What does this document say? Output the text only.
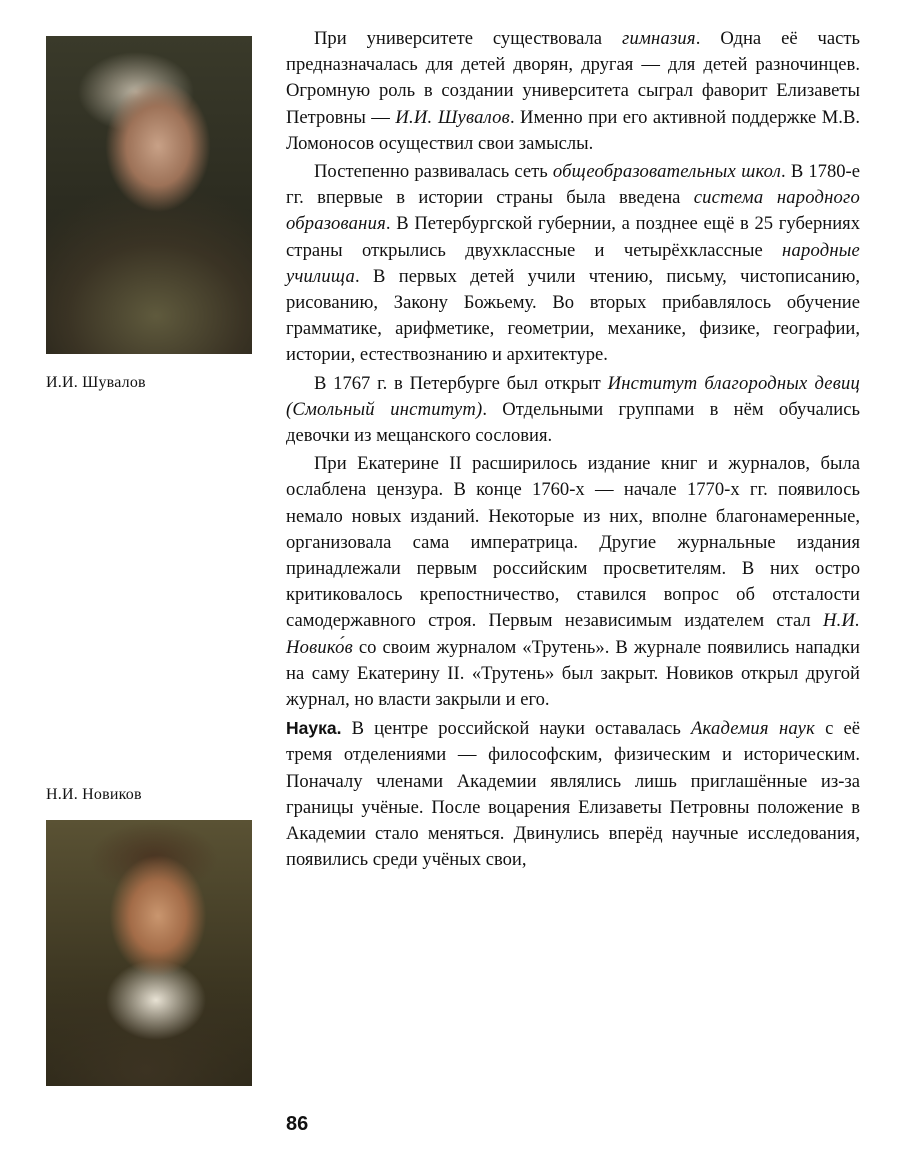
И.И. Шувалов
Н.И. Новиков

При университете существовала гимназия. Одна её часть предназначалась для детей дворян, другая — для детей разночинцев. Огромную роль в создании университета сыграл фаворит Елизаветы Петровны — И.И. Шувалов. Именно при его активной поддержке М.В. Ломоносов осуществил свои замыслы.

Постепенно развивалась сеть общеобразовательных школ. В 1780-е гг. впервые в истории страны была введена система народного образования. В Петербургской губернии, а позднее ещё в 25 губерниях страны открылись двухклассные и четырёхклассные народные училища. В первых детей учили чтению, письму, чистописанию, рисованию, Закону Божьему. Во вторых прибавлялось обучение грамматике, арифметике, геометрии, механике, физике, географии, истории, естествознанию и архитектуре.

В 1767 г. в Петербурге был открыт Институт благородных девиц (Смольный институт). Отдельными группами в нём обучались девочки из мещанского сословия.

При Екатерине II расширилось издание книг и журналов, была ослаблена цензура. В конце 1760-х — начале 1770-х гг. появилось немало новых изданий. Некоторые из них, вполне благонамеренные, организовала сама императрица. Другие журнальные издания принадлежали первым российским просветителям. В них остро критиковалось крепостничество, ставился вопрос об отсталости самодержавного строя. Первым независимым издателем стал Н.И. Новико́в со своим журналом «Трутень». В журнале появились нападки на саму Екатерину II. «Трутень» был закрыт. Новиков открыл другой журнал, но власти закрыли и его.

Наука. В центре российской науки оставалась Академия наук с её тремя отделениями — философским, физическим и историческим. Поначалу членами Академии являлись лишь приглашённые из-за границы учёные. После воцарения Елизаветы Петровны положение в Академии стало меняться. Двинулись вперёд научные исследования, появились среди учёных свои,

86
